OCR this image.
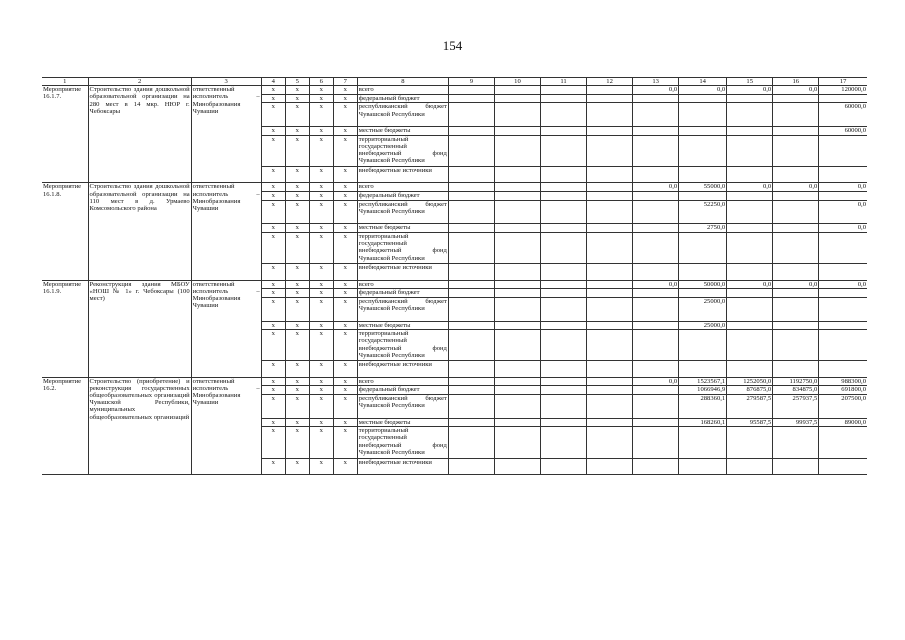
154
1	2	3	4	5	6	7	8	9	10	11	12	13	14	15	16	17
Мероприятие 16.1.7.	Строительство здания дошкольной образовательной организации на 280 мест в 14 мкр. НЮР г. Чебоксары	ответственный исполнитель – Минобразования Чувашии	x	x	x	x	всего					0,0	0,0	0,0	0,0	120000,0
			x	x	x	x	федеральный бюджет									
			x	x	x	x	республиканский бюджет Чувашской Республики									60000,0
			x	x	x	x	местные бюджеты									60000,0
			x	x	x	x	территориальный государственный внебюджетный фонд Чувашской Республики									
			x	x	x	x	внебюджетные источники									
Мероприятие 16.1.8.	Строительство здания дошкольной образовательной организации на 110 мест в д. Урмаево Комсомольского района	ответственный исполнитель – Минобразования Чувашии	x	x	x	x	всего					0,0	55000,0	0,0	0,0	0,0
			x	x	x	x	федеральный бюджет									
			x	x	x	x	республиканский бюджет Чувашской Республики						52250,0			0,0
			x	x	x	x	местные бюджеты						2750,0			0,0
			x	x	x	x	территориальный государственный внебюджетный фонд Чувашской Республики									
			x	x	x	x	внебюджетные источники									
Мероприятие 16.1.9.	Реконструкция здания МБОУ «НОШ № 1» г. Чебоксары (100 мест)	ответственный исполнитель – Минобразования Чувашии	x	x	x	x	всего					0,0	50000,0	0,0	0,0	0,0
			x	x	x	x	федеральный бюджет									
			x	x	x	x	республиканский бюджет Чувашской Республики						25000,0			
			x	x	x	x	местные бюджеты						25000,0			
			x	x	x	x	территориальный государственный внебюджетный фонд Чувашской Республики									
			x	x	x	x	внебюджетные источники									
Мероприятие 16.2.	Строительство (приобретение) и реконструкция государственных общеобразовательных организаций Чувашской Республики, муниципальных общеобразовательных организаций	ответственный исполнитель – Минобразования Чувашии	x	x	x	x	всего					0,0	1523567,1	1252050,0	1192750,0	988300,0
			x	x	x	x	федеральный бюджет						1066946,9	876875,0	834875,0	691800,0
			x	x	x	x	республиканский бюджет Чувашской Республики						288360,1	279587,5	257937,5	207500,0
			x	x	x	x	местные бюджеты						168260,1	95587,5	99937,5	89000,0
			x	x	x	x	территориальный государственный внебюджетный фонд Чувашской Республики									
			x	x	x	x	внебюджетные источники									
